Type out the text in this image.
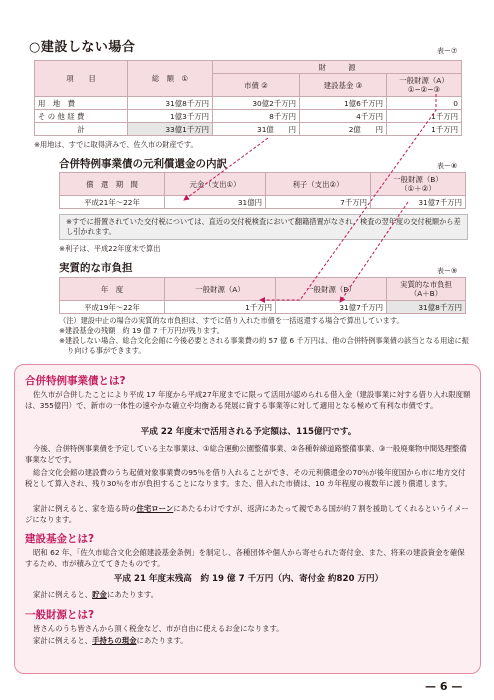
○建設しない場合	表ー⑦
項　　目	総　額　①	財　　　源		
		市債 ②	建設基金 ③	一般財源（A）
①−②−③

用　地　費	31億8千万円	30億2千万円	1億6千万円	0
そ の 他 経 費	1億3千万円	8千万円	4千万円	1千万円
計	33億1千万円	31億　　円	2億　　円	1千万円
※用地は、すでに取得済みで、佐久市の財産です。
合併特例事業債の元利償還金の内訳	表ー⑧
償　還　期　間	元金（支出①）	利子（支出②）	一般財源（B）
（①＋②）

平成21年〜22年	31億円	7千万円	31億7千万円
※すでに措置されていた交付税については、直近の交付税検査において翻籍措置がなされ、検査の翌年度の交付税額から差し引かれます。
※利子は、平成22年度末で算出
実質的な市負担	表ー⑨
年　度	一般財源（A）	一般財源（B）	実質的な市負担
（A＋B）

平成19年〜22年	1千万円	31億7千万円	31億8千万円
（注）建設中止の場合の実質的な市負担は、すでに借り入れた市債を一括返還する場合で算出しています。
※建設基金の残額　約 19 億 7 千万円が残ります。
※建設しない場合、総合文化会館に今後必要とされる事業費の約 57 億 6 千万円は、他の合併特例事業債の該当となる用途に振り向ける事ができます。
合併特例事業債とは?
佐久市が合併したことにより平成 17 年度から平成27年度までに限って活用が認められる借入金（建設事業に対する借り入れ限度額は、355億円）で、新市の一体性の速やかな確立や均衡ある発展に資する事業等に対して適用となる極めて有利な市債です。
平成 22 年度末で活用される予定額は、115億円です。
今後、合併特例事業債を予定している主な事業は、①総合運動公園整備事業、②各種幹線道路整備事業、③一般廃棄物中間処理整備事業などです。
総合文化会館の建設費のうち起債対象事業費の95％を借り入れることができ、その元利償還金の70％が後年度国から市に地方交付税として算入され、残り30％を市が負担することになります。また、借入れた市債は、10 カ年程度の複数年に渡り償還します。
家計に例えると、家を造る時の住宅ローンにあたるわけですが、返済にあたって親である国が約７割を援助してくれるというイメージになります。
建設基金とは?
昭和 62 年、「佐久市総合文化会館建設基金条例」を制定し、各種団体や個人から寄せられた寄付金、また、将来の建設資金を確保するため、市が積み立ててきたものです。
平成 21 年度末残高　約 19 億 7 千万円（内、寄付金 約820 万円）
家計に例えると、貯金にあたります。
一般財源とは?
皆さんのうち皆さんから頂く税金など、市が自由に使えるお金になります。
家計に例えると、手持ちの現金にあたります。
— 6 —
